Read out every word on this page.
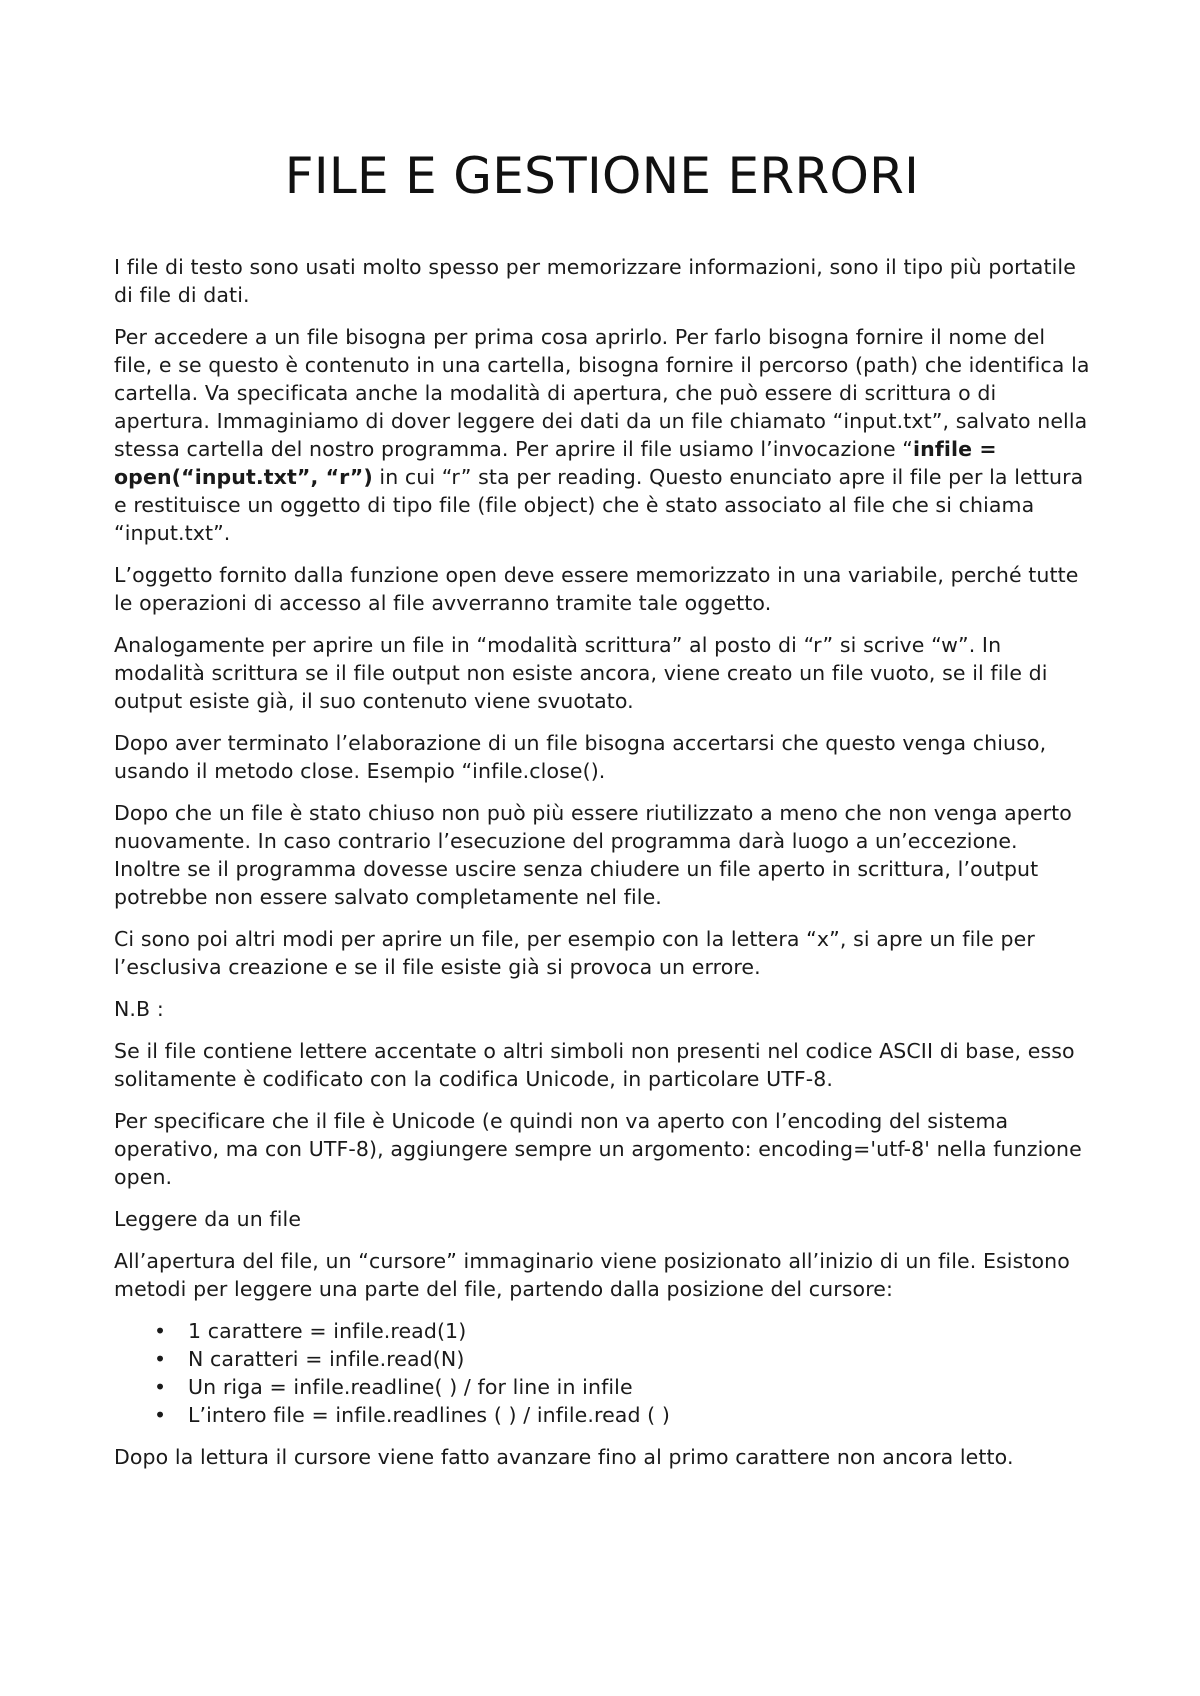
FILE E GESTIONE ERRORI

I file di testo sono usati molto spesso per memorizzare informazioni, sono il tipo più portatile di file di dati.

Per accedere a un file bisogna per prima cosa aprirlo. Per farlo bisogna fornire il nome del file, e se questo è contenuto in una cartella, bisogna fornire il percorso (path) che identifica la cartella. Va specificata anche la modalità di apertura, che può essere di scrittura o di apertura. Immaginiamo di dover leggere dei dati da un file chiamato “input.txt”, salvato nella stessa cartella del nostro programma. Per aprire il file usiamo l’invocazione “infile = open(“input.txt”, “r”) in cui “r” sta per reading. Questo enunciato apre il file per la lettura e restituisce un oggetto di tipo file (file object) che è stato associato al file che si chiama “input.txt”.

L’oggetto fornito dalla funzione open deve essere memorizzato in una variabile, perché tutte le operazioni di accesso al file avverranno tramite tale oggetto.

Analogamente per aprire un file in “modalità scrittura” al posto di “r” si scrive “w”. In modalità scrittura se il file output non esiste ancora, viene creato un file vuoto, se il file di output esiste già, il suo contenuto viene svuotato.

Dopo aver terminato l’elaborazione di un file bisogna accertarsi che questo venga chiuso, usando il metodo close. Esempio “infile.close().

Dopo che un file è stato chiuso non può più essere riutilizzato a meno che non venga aperto nuovamente. In caso contrario l’esecuzione del programma darà luogo a un’eccezione. Inoltre se il programma dovesse uscire senza chiudere un file aperto in scrittura, l’output potrebbe non essere salvato completamente nel file.

Ci sono poi altri modi per aprire un file, per esempio con la lettera “x”, si apre un file per l’esclusiva creazione e se il file esiste già si provoca un errore.

N.B :

Se il file contiene lettere accentate o altri simboli non presenti nel codice ASCII di base, esso solitamente è codificato con la codifica Unicode, in particolare UTF-8.

Per specificare che il file è Unicode (e quindi non va aperto con l’encoding del sistema operativo, ma con UTF-8), aggiungere sempre un argomento: encoding='utf-8' nella funzione open.

Leggere da un file

All’apertura del file, un “cursore” immaginario viene posizionato all’inizio di un file. Esistono metodi per leggere una parte del file, partendo dalla posizione del cursore:

•	1 carattere = infile.read(1)
•	N caratteri = infile.read(N)
•	Un riga = infile.readline( ) / for line in infile
•	L’intero file = infile.readlines ( ) / infile.read ( )

Dopo la lettura il cursore viene fatto avanzare fino al primo carattere non ancora letto.
